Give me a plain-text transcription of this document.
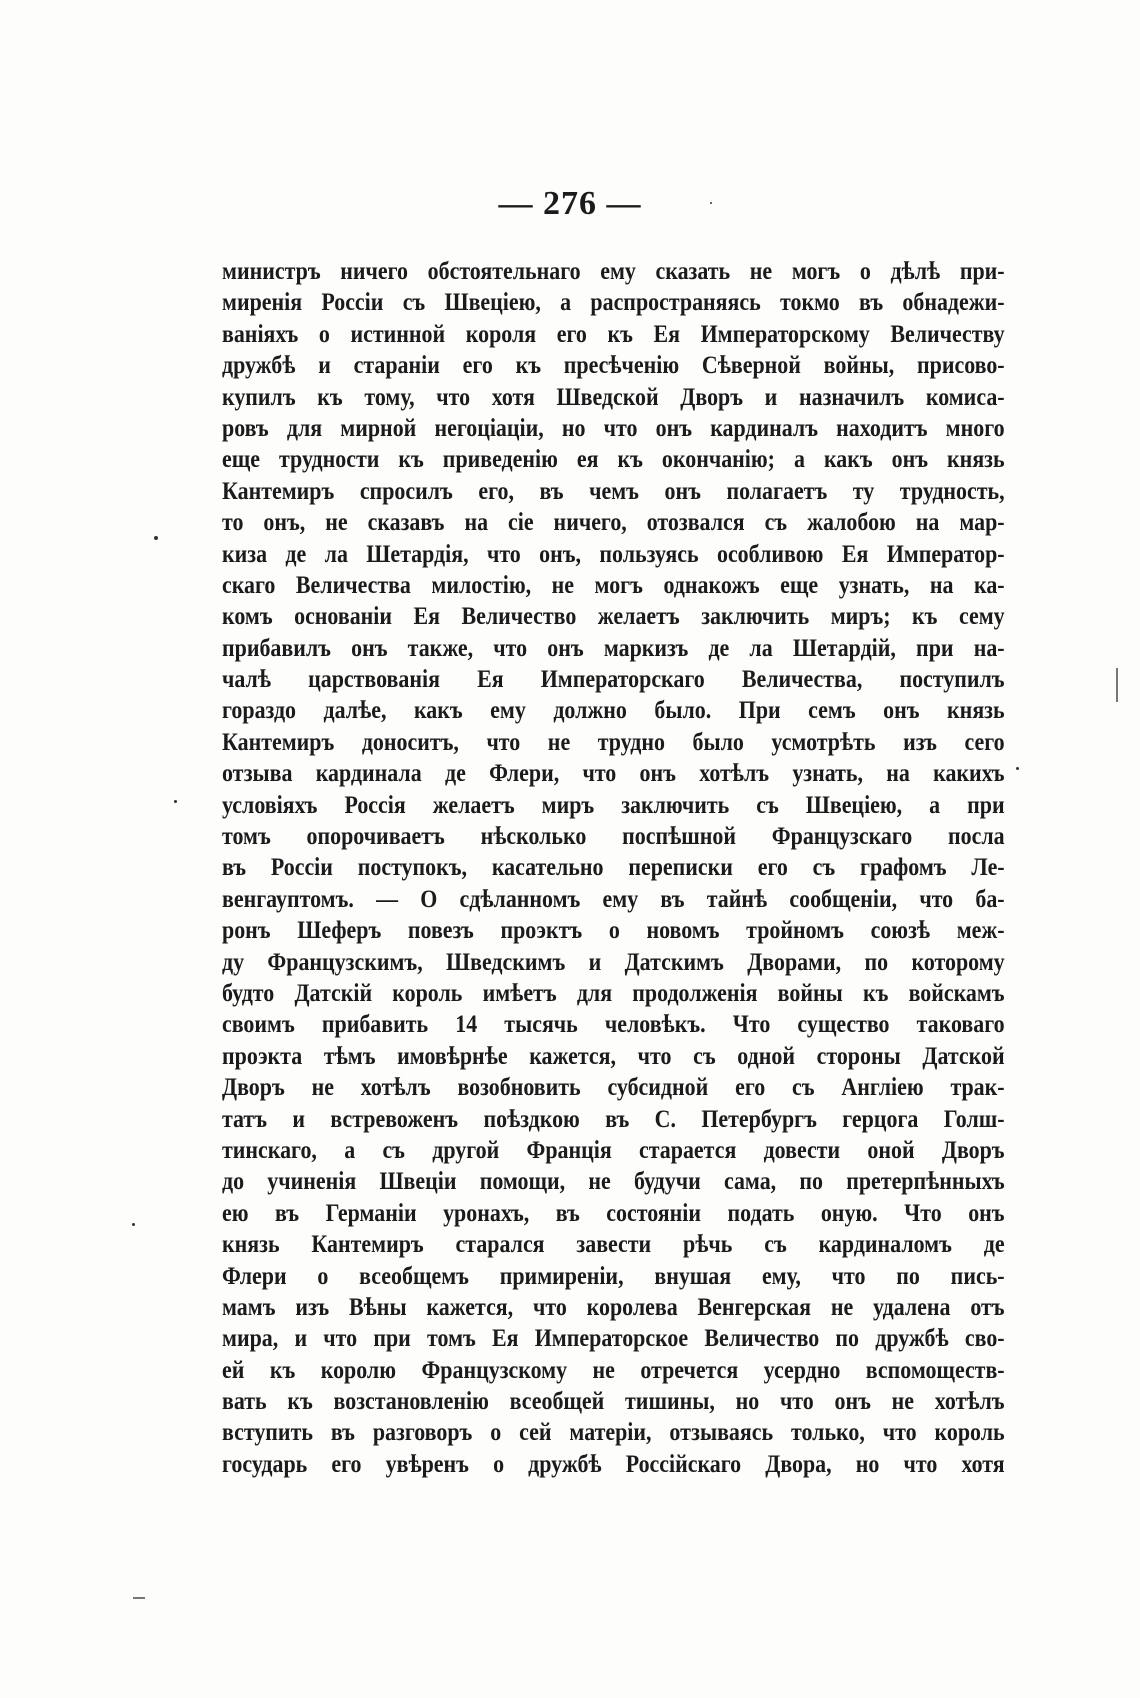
— 276 —
министръ ничего обстоятельнаго ему сказать не могъ о дѣлѣ при-
миренія Россіи съ Швеціею, а распространяясь токмо въ обнадежи-
ваніяхъ о истинной короля его къ Ея Императорскому Величеству
дружбѣ и стараніи его къ пресѣченію Сѣверной войны, присово-
купилъ къ тому, что хотя Шведской Дворъ и назначилъ комиса-
ровъ для мирной негоціаціи, но что онъ кардиналъ находитъ много
еще трудности къ приведенію ея къ окончанію; а какъ онъ князь
Кантемиръ спросилъ его, въ чемъ онъ полагаетъ ту трудность,
то онъ, не сказавъ на сіе ничего, отозвался съ жалобою на мар-
киза де ла Шетардія, что онъ, пользуясь особливою Ея Император-
скаго Величества милостію, не могъ однакожъ еще узнать, на ка-
комъ основаніи Ея Величество желаетъ заключить миръ; къ сему
прибавилъ онъ также, что онъ маркизъ де ла Шетардій, при на-
чалѣ царствованія Ея Императорскаго Величества, поступилъ
гораздо далѣе, какъ ему должно было. При семъ онъ князь
Кантемиръ доноситъ, что не трудно было усмотрѣть изъ сего
отзыва кардинала де Флери, что онъ хотѣлъ узнать, на какихъ
условіяхъ Россія желаетъ миръ заключить съ Швеціею, а при
томъ опорочиваетъ нѣсколько поспѣшной Французскаго посла
въ Россіи поступокъ, касательно переписки его съ графомъ Ле-
венгауптомъ. — О сдѣланномъ ему въ тайнѣ сообщеніи, что ба-
ронъ Шеферъ повезъ проэктъ о новомъ тройномъ союзѣ меж-
ду Французскимъ, Шведскимъ и Датскимъ Дворами, по которому
будто Датскій король имѣетъ для продолженія войны къ войскамъ
своимъ прибавить 14 тысячь человѣкъ. Что существо таковаго
проэкта тѣмъ имовѣрнѣе кажется, что съ одной стороны Датской
Дворъ не хотѣлъ возобновить субсидной его съ Англіею трак-
татъ и встревоженъ поѣздкою въ С. Петербургъ герцога Голш-
тинскаго, а съ другой Франція старается довести оной Дворъ
до учиненія Швеціи помощи, не будучи сама, по претерпѣнныхъ
ею въ Германіи уронахъ, въ состояніи подать оную. Что онъ
князь Кантемиръ старался завести рѣчь съ кардиналомъ де
Флери о всеобщемъ примиреніи, внушая ему, что по пись-
мамъ изъ Вѣны кажется, что королева Венгерская не удалена отъ
мира, и что при томъ Ея Императорское Величество по дружбѣ сво-
ей къ королю Французскому не отречется усердно вспомоществ-
вать къ возстановленію всеобщей тишины, но что онъ не хотѣлъ
вступить въ разговоръ о сей матеріи, отзываясь только, что король
государь его увѣренъ о дружбѣ Россійскаго Двора, но что хотя
